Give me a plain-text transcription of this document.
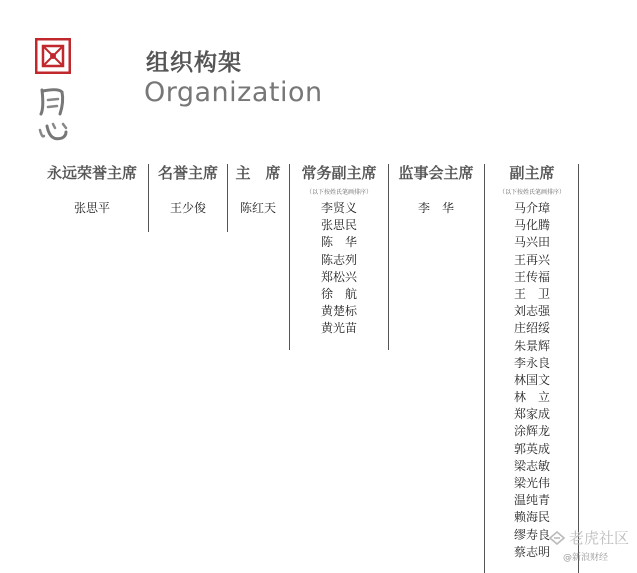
组织构架
Organization
永远荣誉主席
张思平
名誉主席
王少俊
主　席
陈红天
常务副主席
（以下按姓氏笔画排序）
李贤义
张思民
陈　华
陈志列
郑松兴
徐　航
黄楚标
黄光苗
监事会主席
李　华
副主席
（以下按姓氏笔画排序）
马介璋
马化腾
马兴田
王再兴
王传福
王　卫
刘志强
庄绍绥
朱景辉
李永良
林国文
林　立
郑家成
涂辉龙
郭英成
梁志敏
梁光伟
温纯青
赖海民
缪寿良
蔡志明
老虎社区
@新浪财经
